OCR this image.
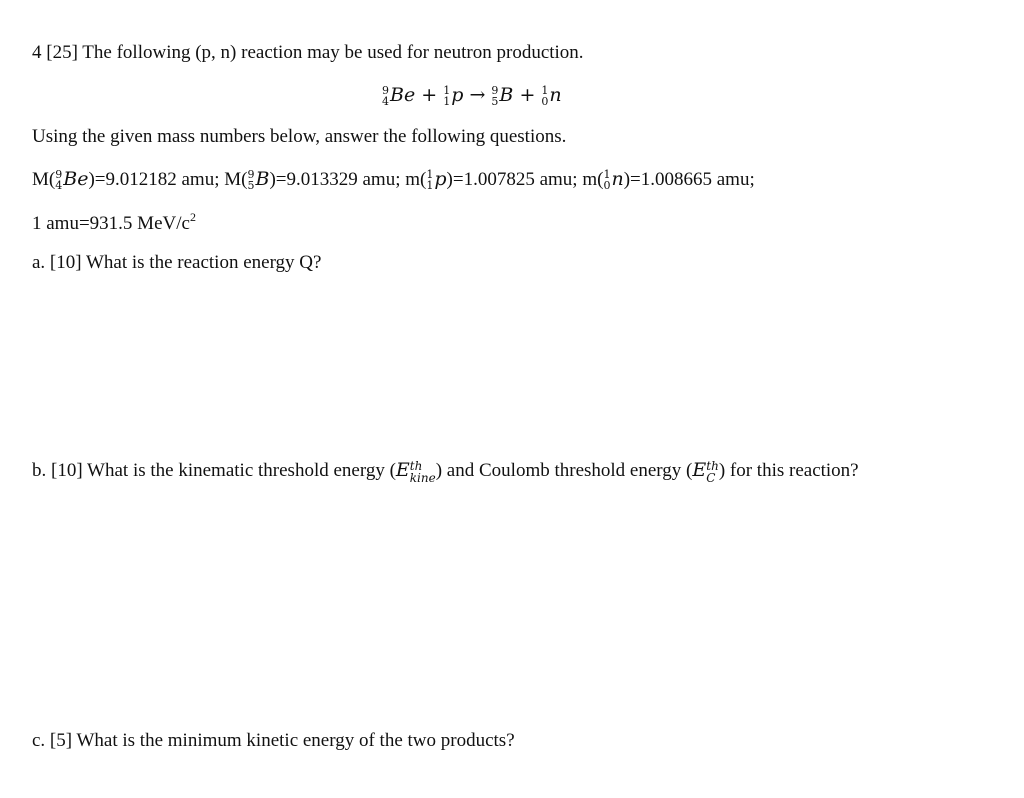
4 [25] The following (p, n) reaction may be used for neutron production.
9
4 Be + 1
1 p → 9
5 B + 1
0 n
Using the given mass numbers below, answer the following questions.
M( 9
4 Be)=9.012182 amu; M( 9
5 B)=9.013329 amu; m( 1
1 p)=1.007825 amu; m( 1
0 n)=1.008665 amu;
1 amu=931.5 MeV/$c^2$
a. [10] What is the reaction energy Q?
b. [10] What is the kinematic threshold energy (E th
kine ) and Coulomb threshold energy (E th
C ) for this reaction?
c. [5] What is the minimum kinetic energy of the two products?
